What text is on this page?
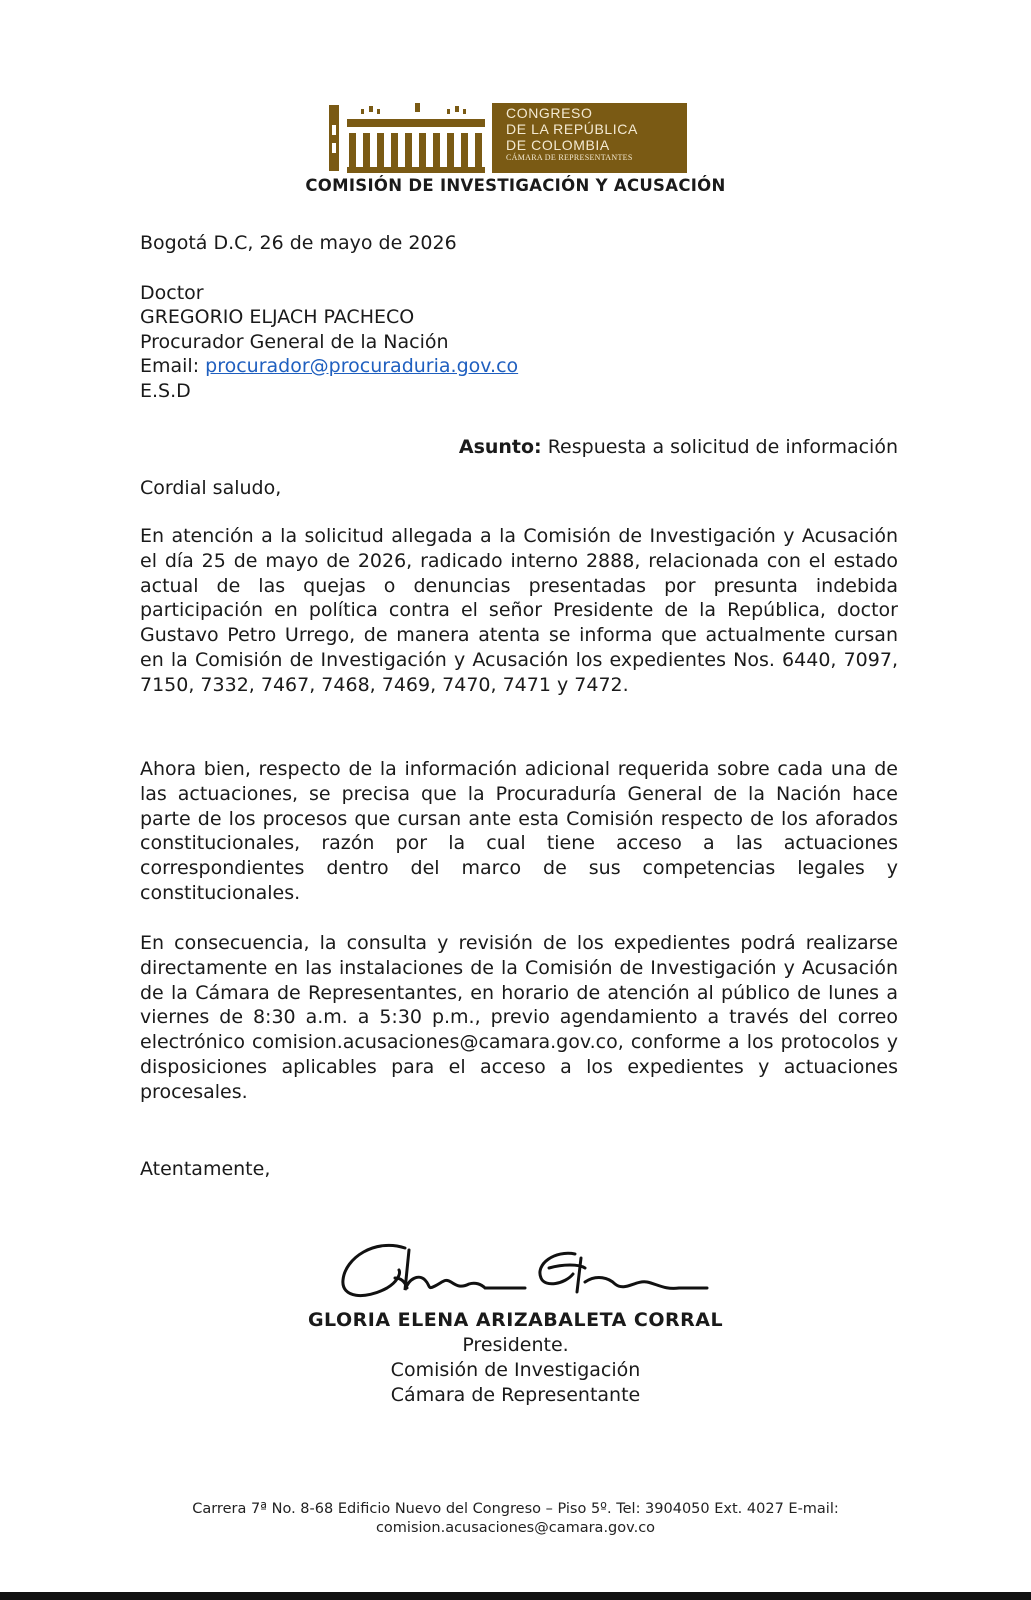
CONGRESO
DE LA REPÚBLICA
DE COLOMBIA
CÁMARA DE REPRESENTANTES
COMISIÓN DE INVESTIGACIÓN Y ACUSACIÓN
Bogotá D.C, 26 de mayo de 2026
Doctor
GREGORIO ELJACH PACHECO
Procurador General de la Nación
Email: procurador@procuraduria.gov.co
E.S.D
Asunto: Respuesta a solicitud de información
Cordial saludo,
En atención a la solicitud allegada a la Comisión de Investigación y Acusación el día 25 de mayo de 2026, radicado interno 2888, relacionada con el estado actual de las quejas o denuncias presentadas por presunta indebida participación en política contra el señor Presidente de la República, doctor Gustavo Petro Urrego, de manera atenta se informa que actualmente cursan en la Comisión de Investigación y Acusación los expedientes Nos. 6440, 7097, 7150, 7332, 7467, 7468, 7469, 7470, 7471 y 7472.
Ahora bien, respecto de la información adicional requerida sobre cada una de las actuaciones, se precisa que la Procuraduría General de la Nación hace parte de los procesos que cursan ante esta Comisión respecto de los aforados constitucionales, razón por la cual tiene acceso a las actuaciones correspondientes dentro del marco de sus competencias legales y constitucionales.
En consecuencia, la consulta y revisión de los expedientes podrá realizarse directamente en las instalaciones de la Comisión de Investigación y Acusación de la Cámara de Representantes, en horario de atención al público de lunes a viernes de 8:30 a.m. a 5:30 p.m., previo agendamiento a través del correo electrónico comision.acusaciones@camara.gov.co, conforme a los protocolos y disposiciones aplicables para el acceso a los expedientes y actuaciones procesales.
Atentamente,
GLORIA ELENA ARIZABALETA CORRAL
Presidente.
Comisión de Investigación
Cámara de Representante
Carrera 7ª No. 8-68 Edificio Nuevo del Congreso – Piso 5º. Tel: 3904050 Ext. 4027 E-mail:
comision.acusaciones@camara.gov.co
